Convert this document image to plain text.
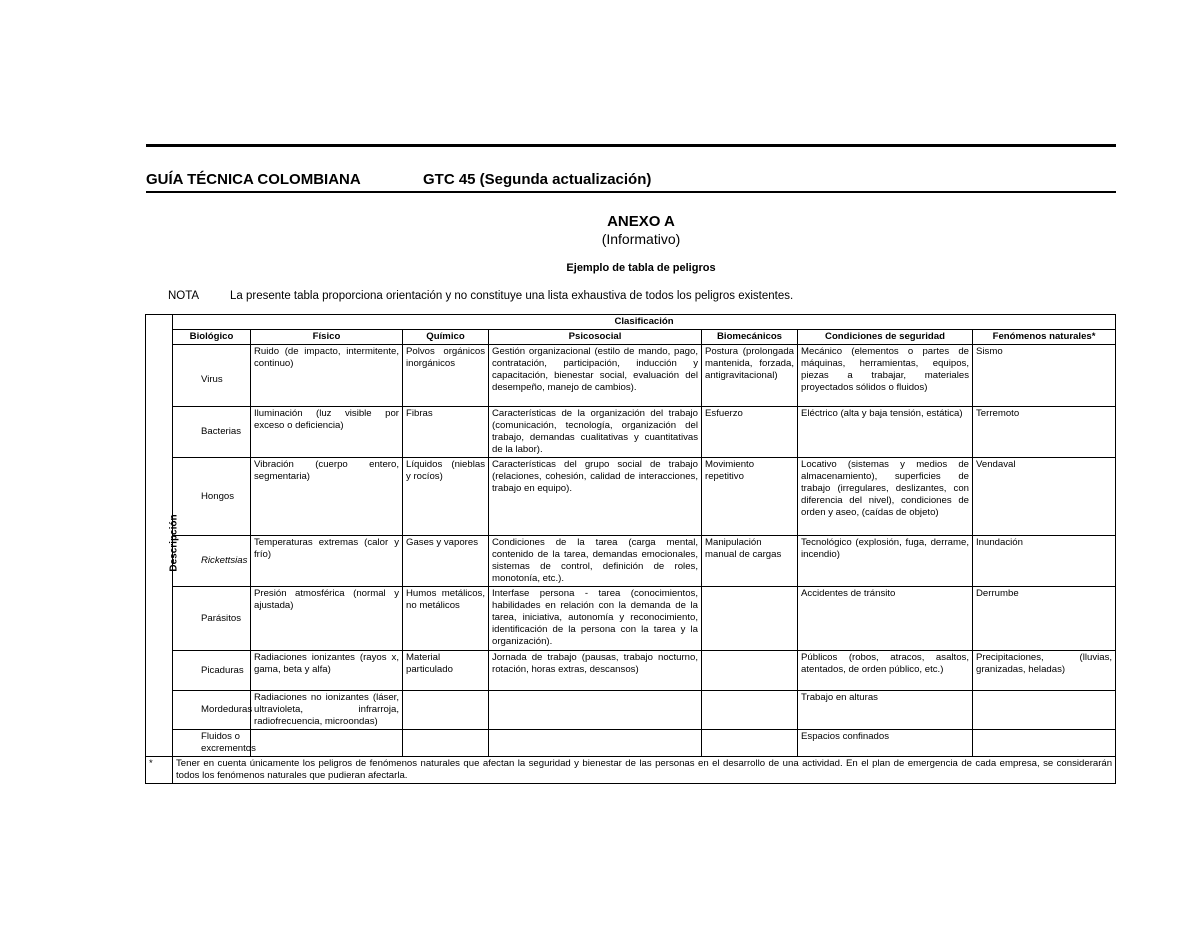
GUÍA TÉCNICA COLOMBIANA	GTC 45 (Segunda actualización)
ANEXO A
(Informativo)
Ejemplo de tabla de peligros
NOTA	La presente tabla proporciona orientación y no constituye una lista exhaustiva de todos los peligros existentes.
	Clasificación						
Descripción	Biológico	Físico	Químico	Psicosocial	Biomecánicos	Condiciones de seguridad	Fenómenos naturales*
	Virus	Ruido (de impacto, intermitente, continuo)	Polvos orgánicos inorgánicos	Gestión organizacional (estilo de mando, pago, contratación, participación, inducción y capacitación, bienestar social, evaluación del desempeño, manejo de cambios).	Postura (prolongada mantenida, forzada, antigravitacional)	Mecánico (elementos o partes de máquinas, herramientas, equipos, piezas a trabajar, materiales proyectados sólidos o fluidos)	Sismo
	Bacterias	Iluminación (luz visible por exceso o deficiencia)	Fibras	Características de la organización del trabajo (comunicación, tecnología, organización del trabajo, demandas cualitativas y cuantitativas de la labor).	Esfuerzo	Eléctrico (alta y baja tensión, estática)	Terremoto
	Hongos	Vibración (cuerpo entero, segmentaria)	Líquidos (nieblas y rocíos)	Características del grupo social de trabajo (relaciones, cohesión, calidad de interacciones, trabajo en equipo).	Movimiento repetitivo	Locativo (sistemas y medios de almacenamiento), superficies de trabajo (irregulares, deslizantes, con diferencia del nivel), condiciones de orden y aseo, (caídas de objeto)	Vendaval
	Rickettsias	Temperaturas extremas (calor y frío)	Gases y vapores	Condiciones de la tarea (carga mental, contenido de la tarea, demandas emocionales, sistemas de control, definición de roles, monotonía, etc.).	Manipulación manual de cargas	Tecnológico (explosión, fuga, derrame, incendio)	Inundación
	Parásitos	Presión atmosférica (normal y ajustada)	Humos metálicos, no metálicos	Interfase persona - tarea (conocimientos, habilidades en relación con la demanda de la tarea, iniciativa, autonomía y reconocimiento, identificación de la persona con la tarea y la organización).		Accidentes de tránsito	Derrumbe
	Picaduras	Radiaciones ionizantes (rayos x, gama, beta y alfa)	Material particulado	Jornada de trabajo (pausas, trabajo nocturno, rotación, horas extras, descansos)		Públicos (robos, atracos, asaltos, atentados, de orden público, etc.)	Precipitaciones, (lluvias, granizadas, heladas)
	Mordeduras	Radiaciones no ionizantes (láser, ultravioleta, infrarroja, radiofrecuencia, microondas)				Trabajo en alturas	
	Fluidos o excrementos					Espacios confinados	
*	Tener en cuenta únicamente los peligros de fenómenos naturales que afectan la seguridad y bienestar de las personas en el desarrollo de una actividad. En el plan de emergencia de cada empresa, se considerarán todos los fenómenos naturales que pudieran afectarla.						
